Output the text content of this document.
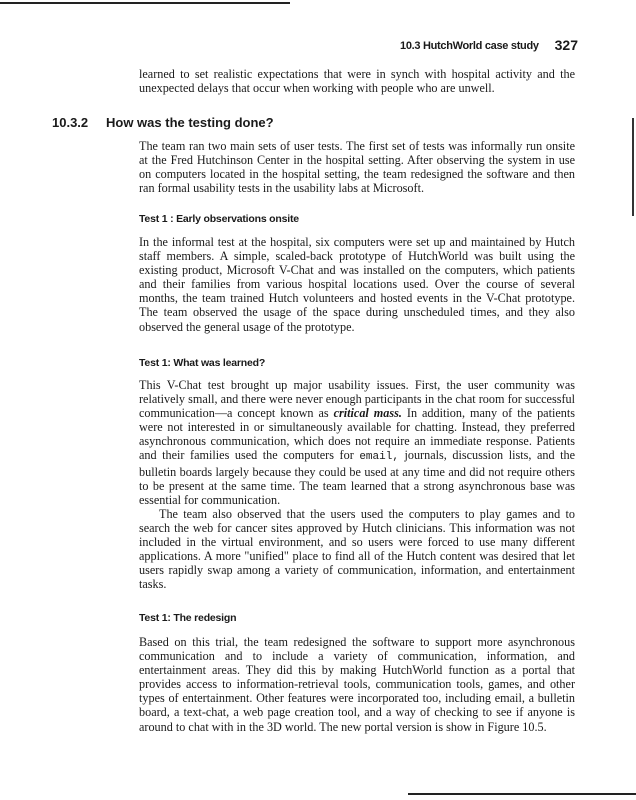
10.3 HutchWorld case study 327

learned to set realistic expectations that were in synch with hospital activity and the unexpected delays that occur when working with people who are unwell.

10.3.2 How was the testing done?

The team ran two main sets of user tests. The first set of tests was informally run onsite at the Fred Hutchinson Center in the hospital setting. After observing the system in use on computers located in the hospital setting, the team redesigned the software and then ran formal usability tests in the usability labs at Microsoft.

Test 1 : Early observations onsite

In the informal test at the hospital, six computers were set up and maintained by Hutch staff members. A simple, scaled-back prototype of HutchWorld was built using the existing product, Microsoft V-Chat and was installed on the computers, which patients and their families from various hospital locations used. Over the course of several months, the team trained Hutch volunteers and hosted events in the V-Chat prototype. The team observed the usage of the space during unscheduled times, and they also observed the general usage of the prototype.

Test 1: What was learned?

This V-Chat test brought up major usability issues. First, the user community was relatively small, and there were never enough participants in the chat room for successful communication—a concept known as critical mass. In addition, many of the patients were not interested in or simultaneously available for chatting. Instead, they preferred asynchronous communication, which does not require an immediate response. Patients and their families used the computers for email, journals, discussion lists, and the bulletin boards largely because they could be used at any time and did not require others to be present at the same time. The team learned that a strong asynchronous base was essential for communication.

The team also observed that the users used the computers to play games and to search the web for cancer sites approved by Hutch clinicians. This information was not included in the virtual environment, and so users were forced to use many different applications. A more "unified" place to find all of the Hutch content was desired that let users rapidly swap among a variety of communication, information, and entertainment tasks.

Test 1: The redesign

Based on this trial, the team redesigned the software to support more asynchronous communication and to include a variety of communication, information, and entertainment areas. They did this by making HutchWorld function as a portal that provides access to information-retrieval tools, communication tools, games, and other types of entertainment. Other features were incorporated too, including email, a bulletin board, a text-chat, a web page creation tool, and a way of checking to see if anyone is around to chat with in the 3D world. The new portal version is show in Figure 10.5.
